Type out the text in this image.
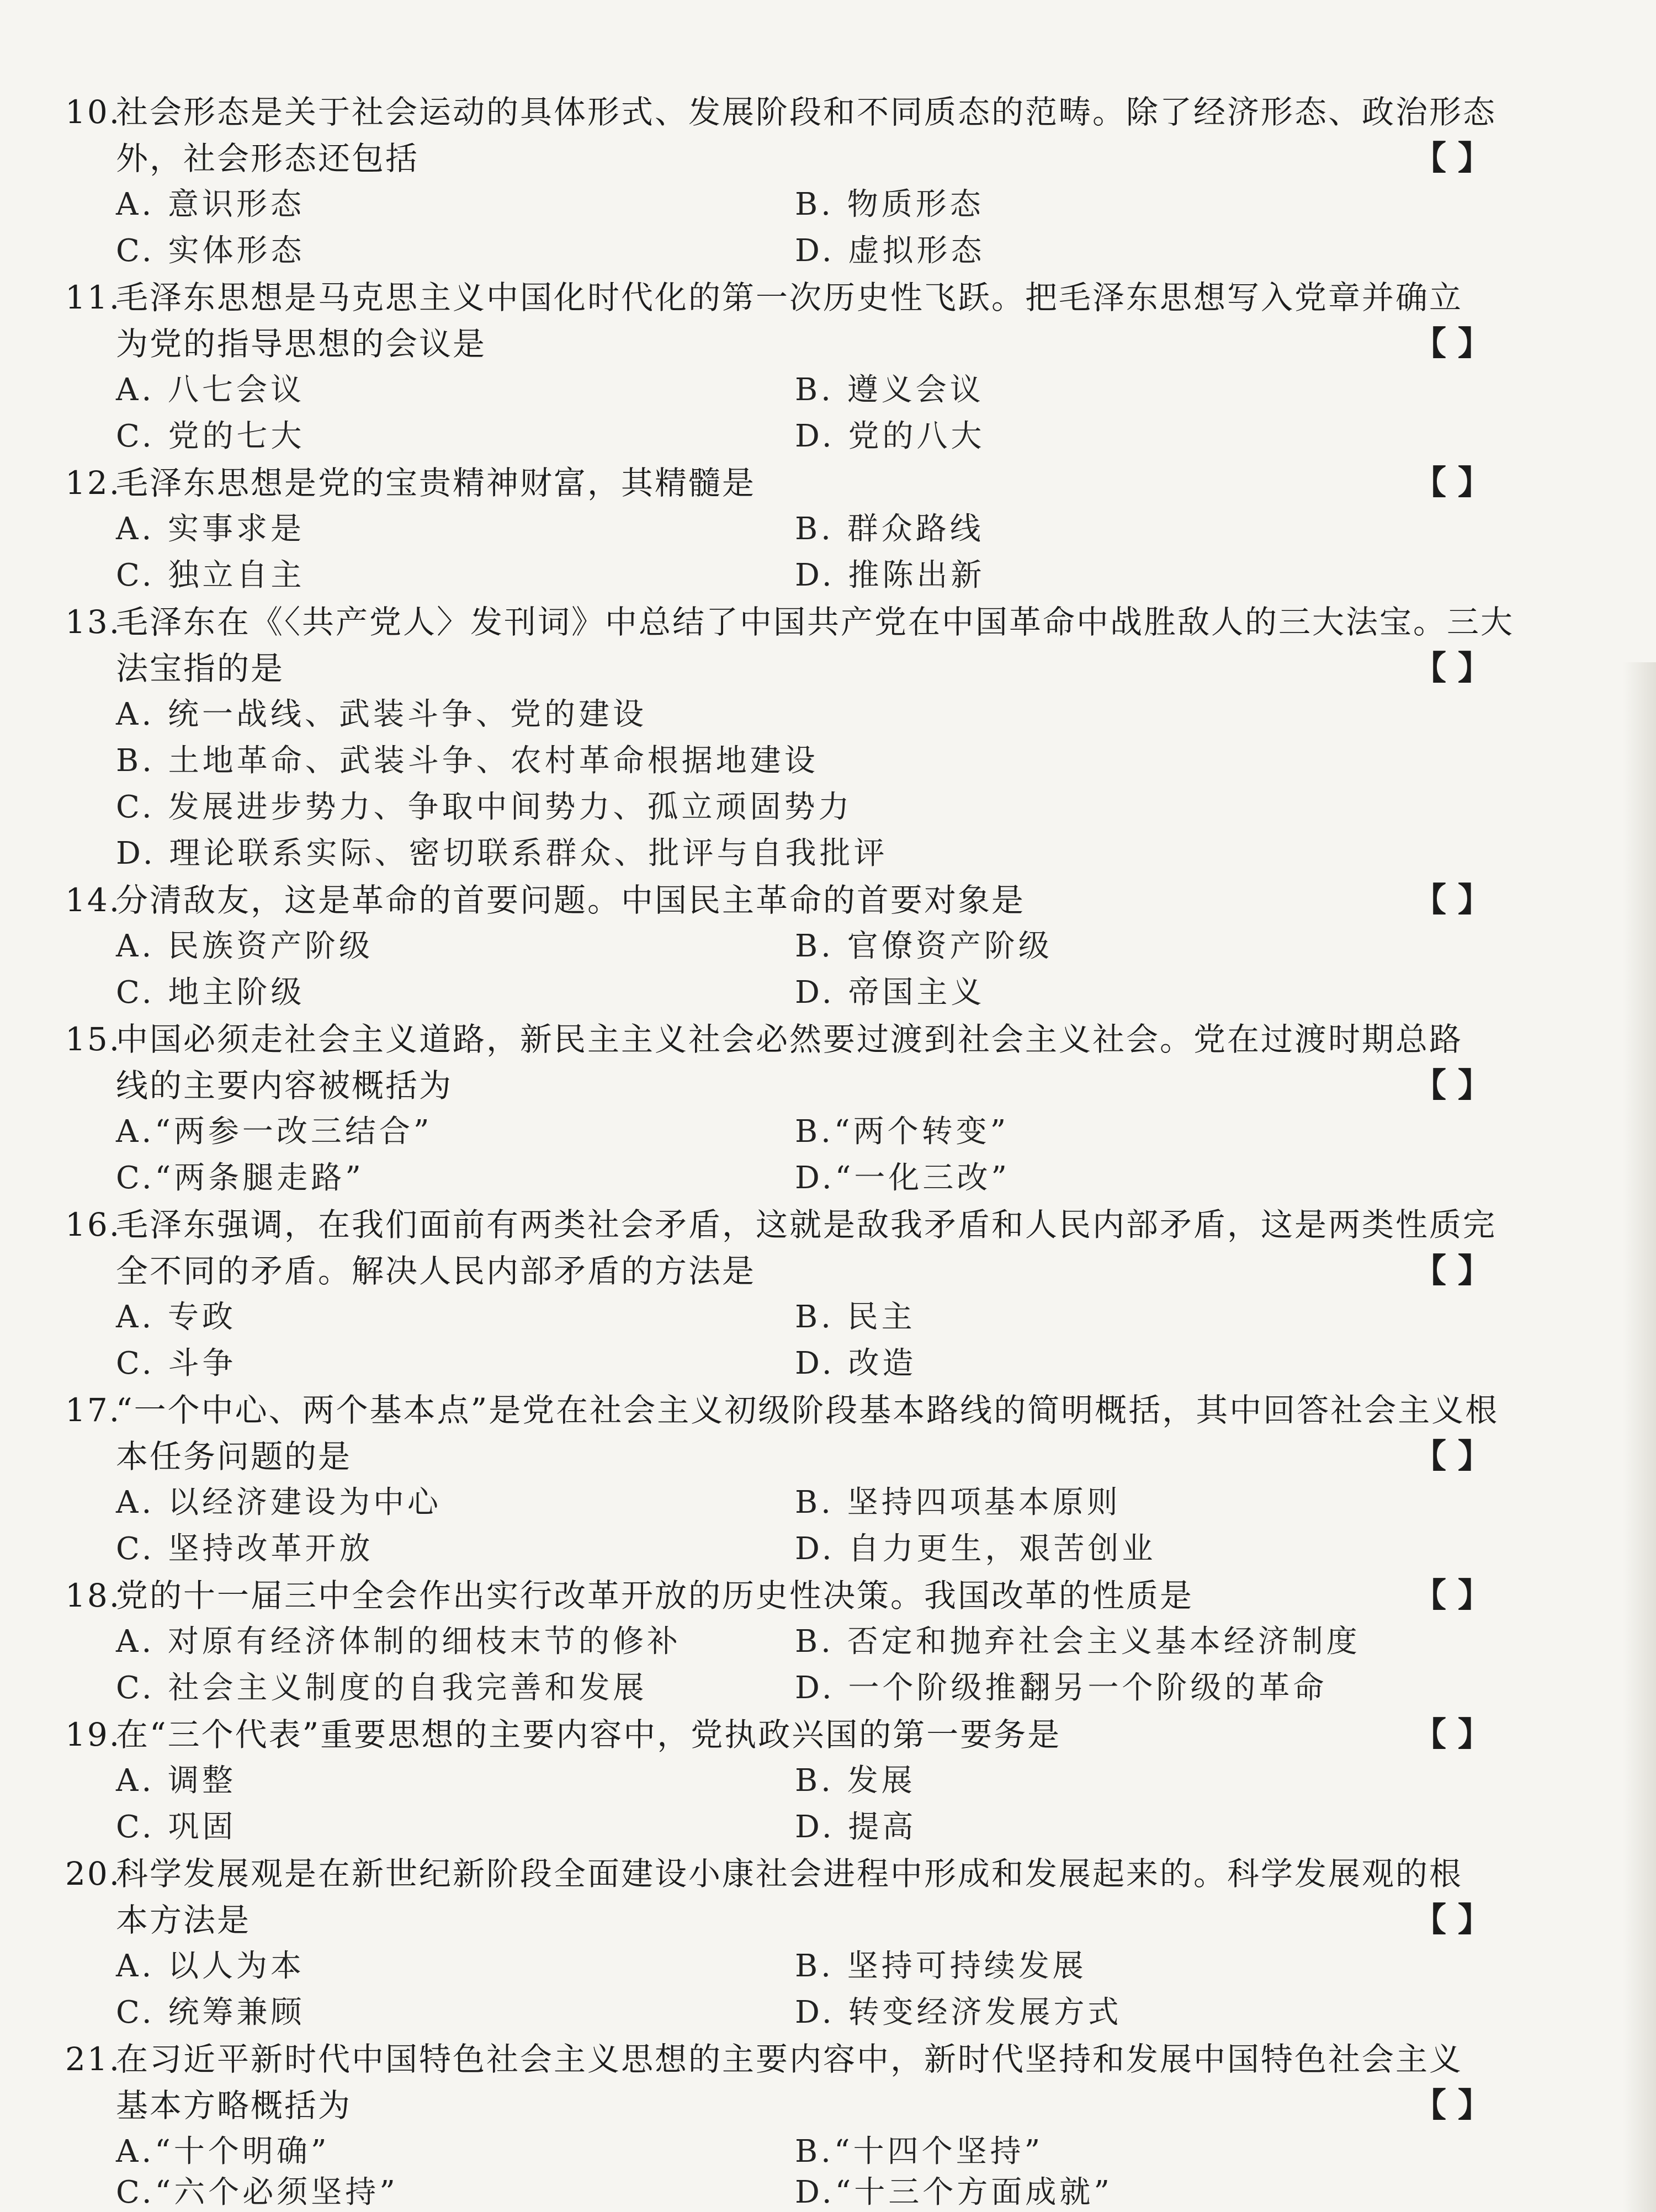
10.
社会形态是关于社会运动的具体形式、发展阶段和不同质态的范畴。除了经济形态、政治形态
外，社会形态还包括	【 】
A. 意识形态	B. 物质形态
C. 实体形态	D. 虚拟形态
11.
毛泽东思想是马克思主义中国化时代化的第一次历史性飞跃。把毛泽东思想写入党章并确立
为党的指导思想的会议是	【 】
A. 八七会议	B. 遵义会议
C. 党的七大	D. 党的八大
12.
毛泽东思想是党的宝贵精神财富，其精髓是	【 】
A. 实事求是	B. 群众路线
C. 独立自主	D. 推陈出新
13.
毛泽东在《〈共产党人〉发刊词》中总结了中国共产党在中国革命中战胜敌人的三大法宝。三大
法宝指的是	【 】
A. 统一战线、武装斗争、党的建设
B. 土地革命、武装斗争、农村革命根据地建设
C. 发展进步势力、争取中间势力、孤立顽固势力
D. 理论联系实际、密切联系群众、批评与自我批评
14.
分清敌友，这是革命的首要问题。中国民主革命的首要对象是	【 】
A. 民族资产阶级	B. 官僚资产阶级
C. 地主阶级	D. 帝国主义
15.
中国必须走社会主义道路，新民主主义社会必然要过渡到社会主义社会。党在过渡时期总路
线的主要内容被概括为	【 】
A.“两参一改三结合”	B.“两个转变”
C.“两条腿走路”	D.“一化三改”
16.
毛泽东强调，在我们面前有两类社会矛盾，这就是敌我矛盾和人民内部矛盾，这是两类性质完
全不同的矛盾。解决人民内部矛盾的方法是	【 】
A. 专政	B. 民主
C. 斗争	D. 改造
17.
“一个中心、两个基本点”是党在社会主义初级阶段基本路线的简明概括，其中回答社会主义根
本任务问题的是	【 】
A. 以经济建设为中心	B. 坚持四项基本原则
C. 坚持改革开放	D. 自力更生，艰苦创业
18.
党的十一届三中全会作出实行改革开放的历史性决策。我国改革的性质是	【 】
A. 对原有经济体制的细枝末节的修补	B. 否定和抛弃社会主义基本经济制度
C. 社会主义制度的自我完善和发展	D. 一个阶级推翻另一个阶级的革命
19.
在“三个代表”重要思想的主要内容中，党执政兴国的第一要务是	【 】
A. 调整	B. 发展
C. 巩固	D. 提高
20.
科学发展观是在新世纪新阶段全面建设小康社会进程中形成和发展起来的。科学发展观的根
本方法是	【 】
A. 以人为本	B. 坚持可持续发展
C. 统筹兼顾	D. 转变经济发展方式
21.
在习近平新时代中国特色社会主义思想的主要内容中，新时代坚持和发展中国特色社会主义
基本方略概括为	【 】
A.“十个明确”	B.“十四个坚持”
C.“六个必须坚持”	D.“十三个方面成就”
